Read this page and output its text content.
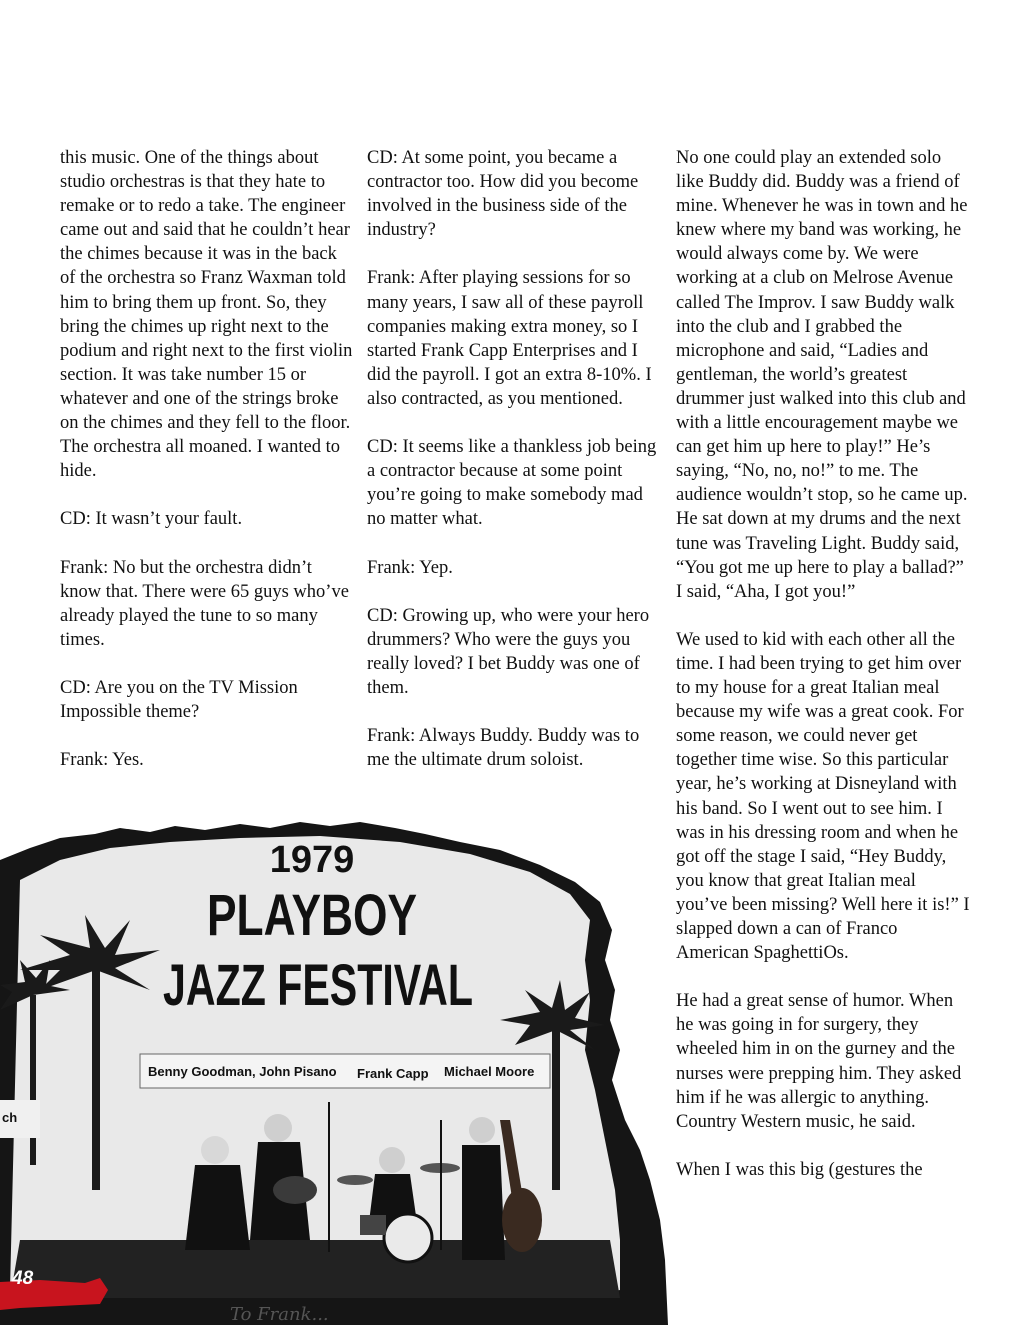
this music. One of the things about studio orchestras is that they hate to remake or to redo a take. The engineer came out and said that he couldn’t hear the chimes because it was in the back of the orchestra so Franz Waxman told him to bring them up front. So, they bring the chimes up right next to the podium and right next to the first violin section. It was take number 15 or whatever and one of the strings broke on the chimes and they fell to the floor. The orchestra all moaned. I wanted to hide.

CD: It wasn’t your fault.

Frank: No but the orchestra didn’t know that. There were 65 guys who’ve already played the tune to so many times.

CD: Are you on the TV Mission Impossible theme?

Frank: Yes.

CD: At some point, you became a contractor too. How did you become involved in the business side of the industry?

Frank: After playing sessions for so many years, I saw all of these payroll companies making extra money, so I started Frank Capp Enterprises and I did the payroll. I got an extra 8-10%. I also contracted, as you mentioned.

CD: It seems like a thankless job being a contractor because at some point you’re going to make somebody mad no matter what.

Frank: Yep.

CD: Growing up, who were your hero drummers? Who were the guys you really loved? I bet Buddy was one of them.

Frank: Always Buddy. Buddy was to me the ultimate drum soloist.

No one could play an extended solo like Buddy did. Buddy was a friend of mine. Whenever he was in town and he knew where my band was working, he would always come by. We were working at a club on Melrose Avenue called The Improv. I saw Buddy walk into the club and I grabbed the microphone and said, “Ladies and gentleman, the world’s greatest drummer just walked into this club and with a little encouragement maybe we can get him up here to play!” He’s saying, “No, no, no!” to me. The audience wouldn’t stop, so he came up. He sat down at my drums and the next tune was Traveling Light. Buddy said, “You got me up here to play a ballad?” I said, “Aha, I got you!”

We used to kid with each other all the time. I had been trying to get him over to my house for a great Italian meal because my wife was a great cook. For some reason, we could never get together time wise. So this particular year, he’s working at Disneyland with his band. So I went out to see him. I was in his dressing room and when he got off the stage I said, “Hey Buddy, you know that great Italian meal you’ve been missing? Well here it is!” I slapped down a can of Franco American SpaghettiOs.

He had a great sense of humor. When he was going in for surgery, they wheeled him in on the gurney and the nurses were prepping him. They asked him if he was allergic to anything. Country Western music, he said.

When I was this big (gestures the

1979
PLAYBOY
JAZZ FESTIVAL
Benny Goodman, John Pisano Frank Capp Michael Moore
ch
To Frank...
48
